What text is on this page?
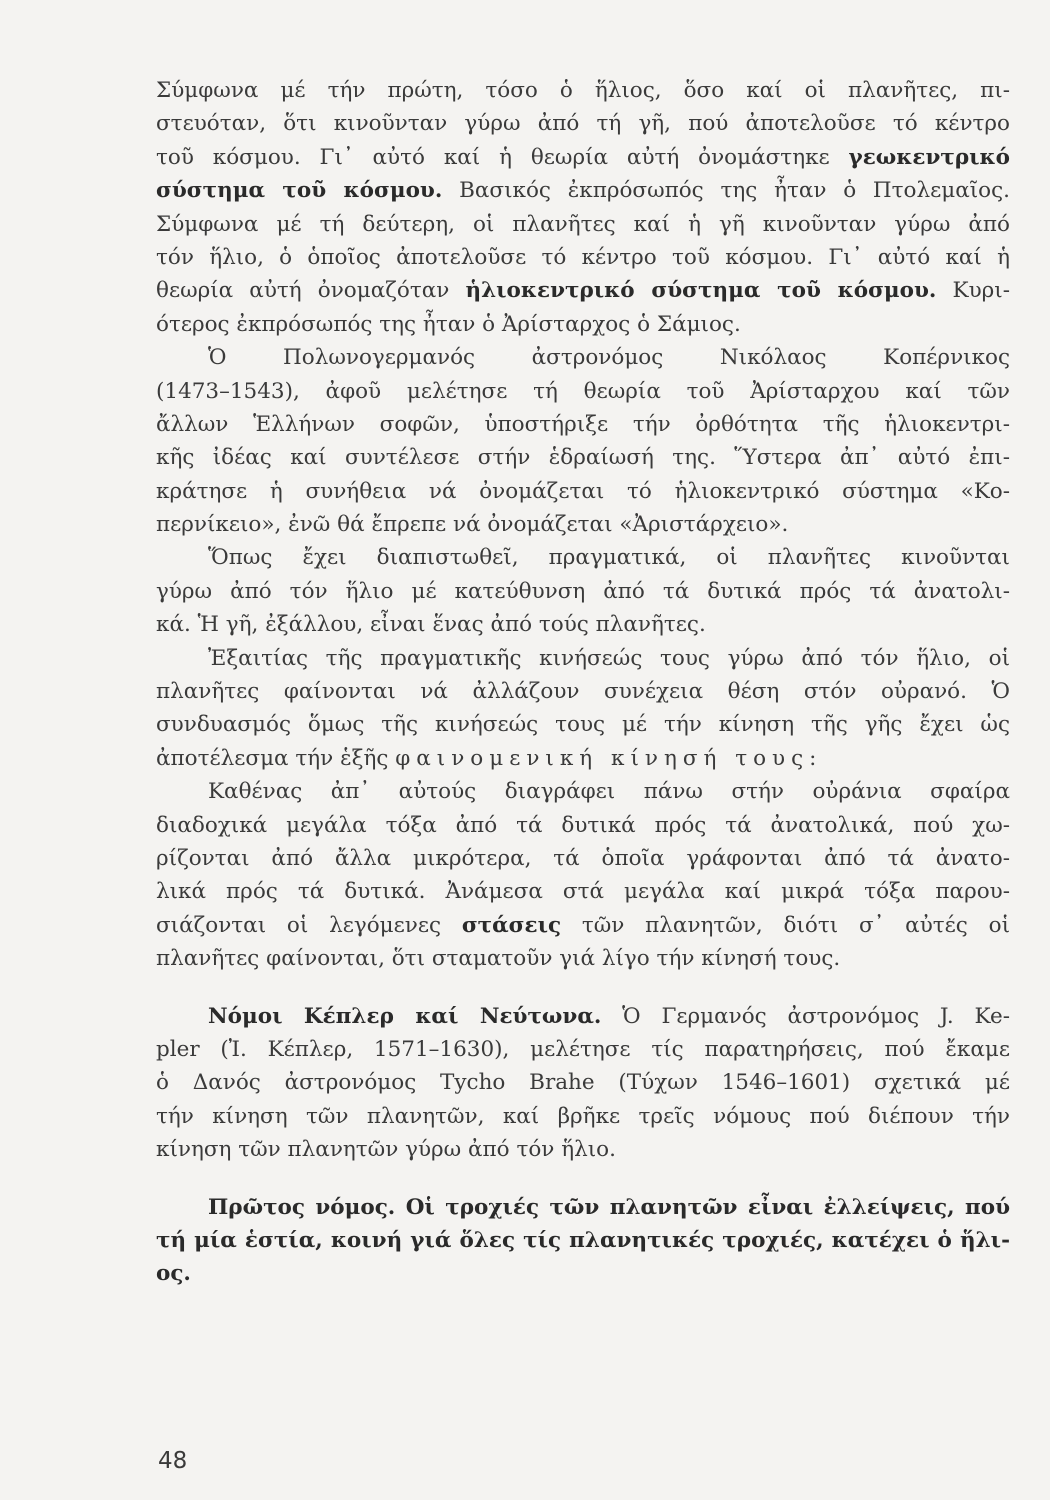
Σύμφωνα μέ τήν πρώτη, τόσο ὁ ἥλιος, ὅσο καί οἱ πλανῆτες, πι-
στευόταν, ὅτι κινοῦνταν γύρω ἀπό τή γῆ, πού ἀποτελοῦσε τό κέντρο
τοῦ κόσμου. Γι᾽ αὐτό καί ἡ θεωρία αὐτή ὀνομάστηκε γεωκεντρικό
σύστημα τοῦ κόσμου. Βασικός ἐκπρόσωπός της ἦταν ὁ Πτολεμαῖος.
Σύμφωνα μέ τή δεύτερη, οἱ πλανῆτες καί ἡ γῆ κινοῦνταν γύρω ἀπό
τόν ἥλιο, ὁ ὁποῖος ἀποτελοῦσε τό κέντρο τοῦ κόσμου. Γι᾽ αὐτό καί ἡ
θεωρία αὐτή ὀνομαζόταν ἡλιοκεντρικό σύστημα τοῦ κόσμου. Κυρι-
ότερος ἐκπρόσωπός της ἦταν ὁ Ἀρίσταρχος ὁ Σάμιος.
Ὁ Πολωνογερμανός ἀστρονόμος Νικόλαος Κοπέρνικος
(1473–1543), ἀφοῦ μελέτησε τή θεωρία τοῦ Ἀρίσταρχου καί τῶν
ἄλλων Ἑλλήνων σοφῶν, ὑποστήριξε τήν ὀρθότητα τῆς ἡλιοκεντρι-
κῆς ἰδέας καί συντέλεσε στήν ἑδραίωσή της. Ὕστερα ἀπ᾽ αὐτό ἐπι-
κράτησε ἡ συνήθεια νά ὀνομάζεται τό ἡλιοκεντρικό σύστημα «Κο-
περνίκειο», ἐνῶ θά ἔπρεπε νά ὀνομάζεται «Ἀριστάρχειο».
Ὅπως ἔχει διαπιστωθεῖ, πραγματικά, οἱ πλανῆτες κινοῦνται
γύρω ἀπό τόν ἥλιο μέ κατεύθυνση ἀπό τά δυτικά πρός τά ἀνατολι-
κά. Ἡ γῆ, ἐξάλλου, εἶναι ἕνας ἀπό τούς πλανῆτες.
Ἐξαιτίας τῆς πραγματικῆς κινήσεώς τους γύρω ἀπό τόν ἥλιο, οἱ
πλανῆτες φαίνονται νά ἀλλάζουν συνέχεια θέση στόν οὐρανό. Ὁ
συνδυασμός ὅμως τῆς κινήσεώς τους μέ τήν κίνηση τῆς γῆς ἔχει ὡς
ἀποτέλεσμα τήν ἑξῆς φαινομενική κίνησή τους:
Καθένας ἀπ᾽ αὐτούς διαγράφει πάνω στήν οὐράνια σφαίρα
διαδοχικά μεγάλα τόξα ἀπό τά δυτικά πρός τά ἀνατολικά, πού χω-
ρίζονται ἀπό ἄλλα μικρότερα, τά ὁποῖα γράφονται ἀπό τά ἀνατο-
λικά πρός τά δυτικά. Ἀνάμεσα στά μεγάλα καί μικρά τόξα παρου-
σιάζονται οἱ λεγόμενες στάσεις τῶν πλανητῶν, διότι σ᾽ αὐτές οἱ
πλανῆτες φαίνονται, ὅτι σταματοῦν γιά λίγο τήν κίνησή τους.
Νόμοι Κέπλερ καί Νεύτωνα. Ὁ Γερμανός ἀστρονόμος J. Ke-
pler (Ἰ. Κέπλερ, 1571–1630), μελέτησε τίς παρατηρήσεις, πού ἔκαμε
ὁ Δανός ἀστρονόμος Tycho Brahe (Τύχων 1546–1601) σχετικά μέ
τήν κίνηση τῶν πλανητῶν, καί βρῆκε τρεῖς νόμους πού διέπουν τήν
κίνηση τῶν πλανητῶν γύρω ἀπό τόν ἥλιο.
Πρῶτος νόμος. Οἱ τροχιές τῶν πλανητῶν εἶναι ἐλλείψεις, πού
τή μία ἑστία, κοινή γιά ὅλες τίς πλανητικές τροχιές, κατέχει ὁ ἥλι-
ος.
48
